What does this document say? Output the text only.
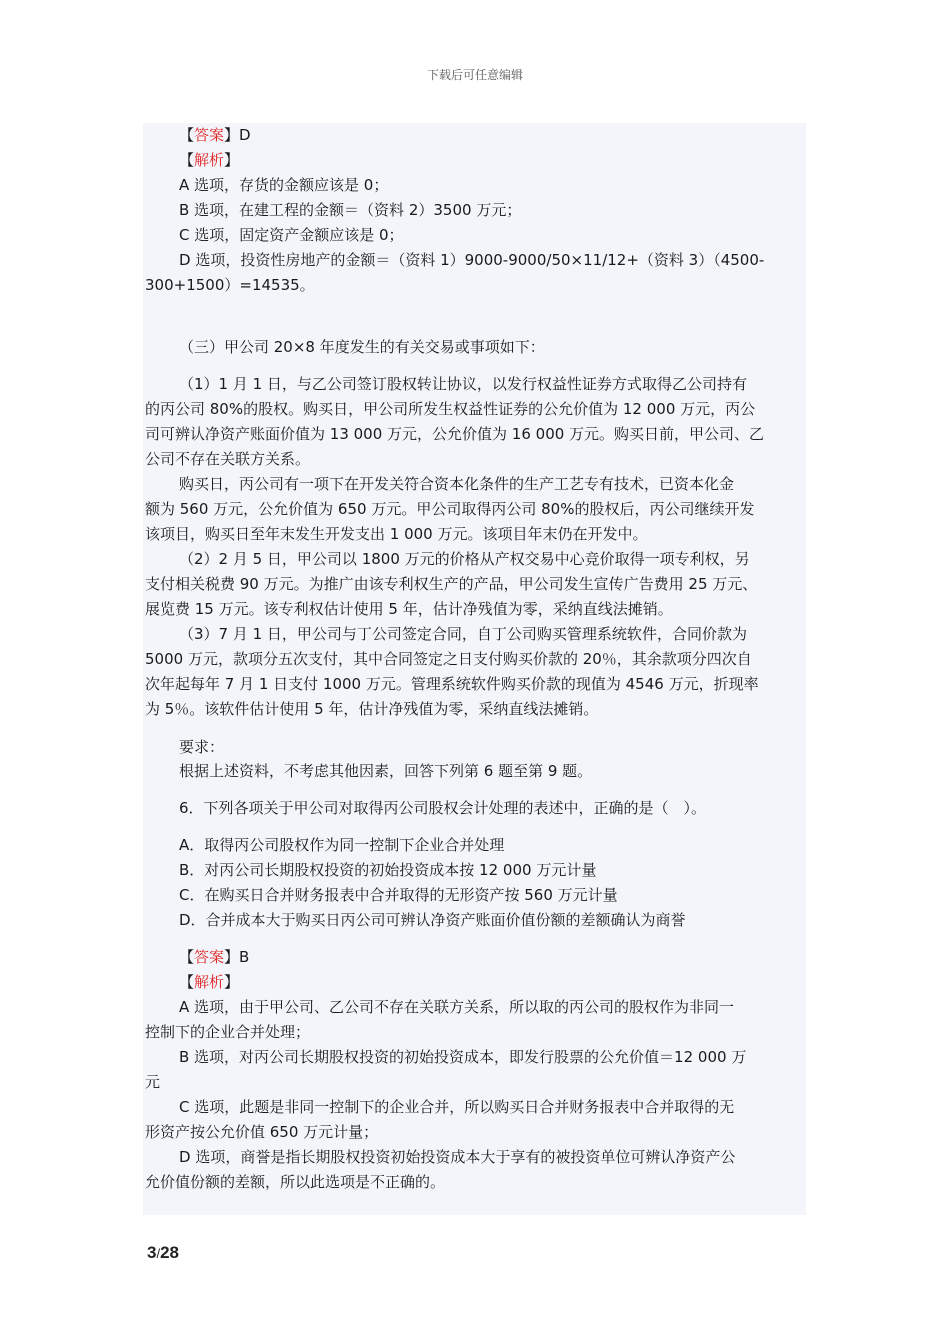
下载后可任意编辑
【答案】D
【解析】
A 选项，存货的金额应该是 0；
B 选项，在建工程的金额＝（资料 2）3500 万元；
C 选项，固定资产金额应该是 0；
D 选项，投资性房地产的金额＝（资料 1）9000-9000/50×11/12+（资料 3）（4500-
300+1500）=14535。
（三）甲公司 20×8 年度发生的有关交易或事项如下：
（1）1 月 1 日，与乙公司签订股权转让协议，以发行权益性证券方式取得乙公司持有
的丙公司 80%的股权。购买日，甲公司所发生权益性证券的公允价值为 12 000 万元，丙公
司可辨认净资产账面价值为 13 000 万元，公允价值为 16 000 万元。购买日前，甲公司、乙
公司不存在关联方关系。
购买日，丙公司有一项下在开发关符合资本化条件的生产工艺专有技术，已资本化金
额为 560 万元，公允价值为 650 万元。甲公司取得丙公司 80%的股权后，丙公司继续开发
该项目，购买日至年末发生开发支出 1 000 万元。该项目年末仍在开发中。
（2）2 月 5 日，甲公司以 1800 万元的价格从产权交易中心竞价取得一项专利权，另
支付相关税费 90 万元。为推广由该专利权生产的产品，甲公司发生宣传广告费用 25 万元、
展览费 15 万元。该专利权估计使用 5 年，估计净残值为零，采纳直线法摊销。
（3）7 月 1 日，甲公司与丁公司签定合同，自丁公司购买管理系统软件，合同价款为
5000 万元，款项分五次支付，其中合同签定之日支付购买价款的 20％，其余款项分四次自
次年起每年 7 月 1 日支付 1000 万元。管理系统软件购买价款的现值为 4546 万元，折现率
为 5％。该软件估计使用 5 年，估计净残值为零，采纳直线法摊销。
要求：
根据上述资料，不考虑其他因素，回答下列第 6 题至第 9 题。
6．下列各项关于甲公司对取得丙公司股权会计处理的表述中，正确的是（　）。
A．取得丙公司股权作为同一控制下企业合并处理
B．对丙公司长期股权投资的初始投资成本按 12 000 万元计量
C．在购买日合并财务报表中合并取得的无形资产按 560 万元计量
D．合并成本大于购买日丙公司可辨认净资产账面价值份额的差额确认为商誉
【答案】B
【解析】
A 选项，由于甲公司、乙公司不存在关联方关系，所以取的丙公司的股权作为非同一
控制下的企业合并处理；
B 选项，对丙公司长期股权投资的初始投资成本，即发行股票的公允价值＝12 000 万
元
C 选项，此题是非同一控制下的企业合并，所以购买日合并财务报表中合并取得的无
形资产按公允价值 650 万元计量；
D 选项，商誉是指长期股权投资初始投资成本大于享有的被投资单位可辨认净资产公
允价值份额的差额，所以此选项是不正确的。
3/28
